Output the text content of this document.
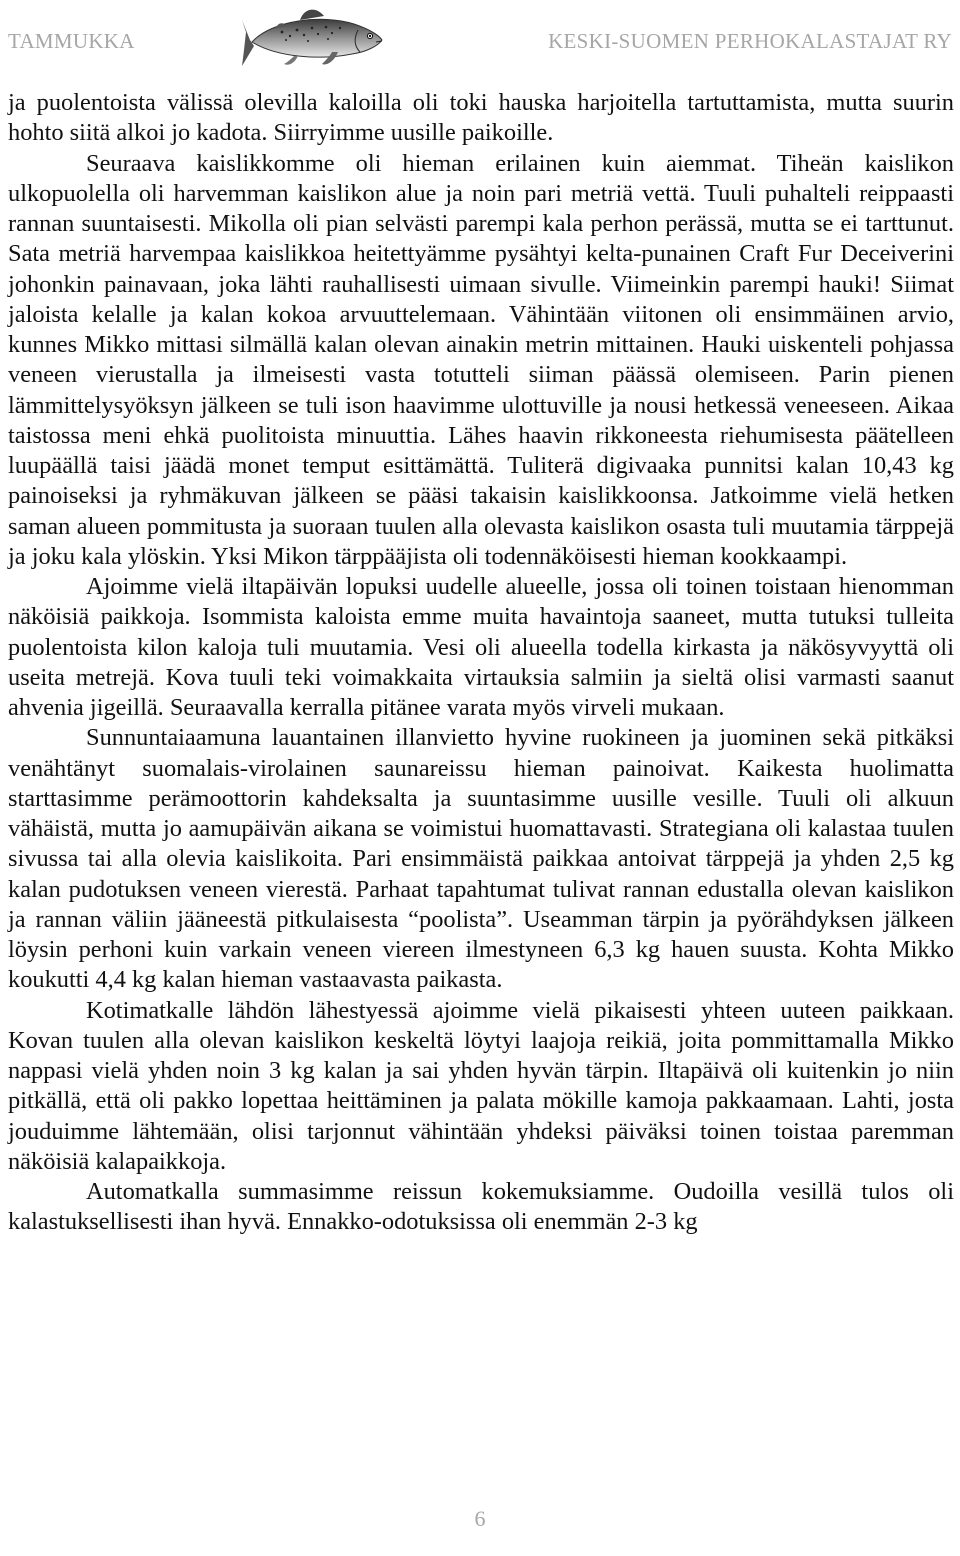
TAMMUKKA	KESKI-SUOMEN PERHOKALASTAJAT RY

ja puolentoista välissä olevilla kaloilla oli toki hauska harjoitella tartuttamista, mutta suurin hohto siitä alkoi jo kadota. Siirryimme uusille paikoille.

Seuraava kaislikkomme oli hieman erilainen kuin aiemmat. Tiheän kaislikon ulkopuolella oli harvemman kaislikon alue ja noin pari metriä vettä. Tuuli puhalteli reippaasti rannan suuntaisesti. Mikolla oli pian selvästi parempi kala perhon perässä, mutta se ei tarttunut. Sata metriä harvempaa kaislikkoa heitettyämme pysähtyi kelta-punainen Craft Fur Deceiverini johonkin painavaan, joka lähti rauhallisesti uimaan sivulle. Viimeinkin parempi hauki! Siimat jaloista kelalle ja kalan kokoa arvuuttelemaan. Vähintään viitonen oli ensimmäinen arvio, kunnes Mikko mittasi silmällä kalan olevan ainakin metrin mittainen. Hauki uiskenteli pohjassa veneen vierustalla ja ilmeisesti vasta totutteli siiman päässä olemiseen. Parin pienen lämmittelysyöksyn jälkeen se tuli ison haavimme ulottuville ja nousi hetkessä veneeseen. Aikaa taistossa meni ehkä puolitoista minuuttia. Lähes haavin rikkoneesta riehumisesta päätelleen luupäällä taisi jäädä monet temput esittämättä. Tuliterä digivaaka punnitsi kalan 10,43 kg painoiseksi ja ryhmäkuvan jälkeen se pääsi takaisin kaislikkoonsa. Jatkoimme vielä hetken saman alueen pommitusta ja suoraan tuulen alla olevasta kaislikon osasta tuli muutamia tärppejä ja joku kala ylöskin. Yksi Mikon tärppääjista oli todennäköisesti hieman kookkaampi.

Ajoimme vielä iltapäivän lopuksi uudelle alueelle, jossa oli toinen toistaan hienomman näköisiä paikkoja. Isommista kaloista emme muita havaintoja saaneet, mutta tutuksi tulleita puolentoista kilon kaloja tuli muutamia. Vesi oli alueella todella kirkasta ja näkösyvyyttä oli useita metrejä. Kova tuuli teki voimakkaita virtauksia salmiin ja sieltä olisi varmasti saanut ahvenia jigeillä. Seuraavalla kerralla pitänee varata myös virveli mukaan.

Sunnuntaiaamuna lauantainen illanvietto hyvine ruokineen ja juominen sekä pitkäksi venähtänyt suomalais-virolainen saunareissu hieman painoivat. Kaikesta huolimatta starttasimme perämoottorin kahdeksalta ja suuntasimme uusille vesille. Tuuli oli alkuun vähäistä, mutta jo aamupäivän aikana se voimistui huomattavasti. Strategiana oli kalastaa tuulen sivussa tai alla olevia kaislikoita. Pari ensimmäistä paikkaa antoivat tärppejä ja yhden 2,5 kg kalan pudotuksen veneen vierestä. Parhaat tapahtumat tulivat rannan edustalla olevan kaislikon ja rannan väliin jääneestä pitkulaisesta “poolista”. Useamman tärpin ja pyörähdyksen jälkeen löysin perhoni kuin varkain veneen viereen ilmestyneen 6,3 kg hauen suusta. Kohta Mikko koukutti 4,4 kg kalan hieman vastaavasta paikasta.

Kotimatkalle lähdön lähestyessä ajoimme vielä pikaisesti yhteen uuteen paikkaan. Kovan tuulen alla olevan kaislikon keskeltä löytyi laajoja reikiä, joita pommittamalla Mikko nappasi vielä yhden noin 3 kg kalan ja sai yhden hyvän tärpin. Iltapäivä oli kuitenkin jo niin pitkällä, että oli pakko lopettaa heittäminen ja palata mökille kamoja pakkaamaan. Lahti, josta jouduimme lähtemään, olisi tarjonnut vähintään yhdeksi päiväksi toinen toistaa paremman näköisiä kalapaikkoja.

Automatkalla summasimme reissun kokemuksiamme. Oudoilla vesillä tulos oli kalastuksellisesti ihan hyvä. Ennakko-odotuksissa oli enemmän 2-3 kg

6
